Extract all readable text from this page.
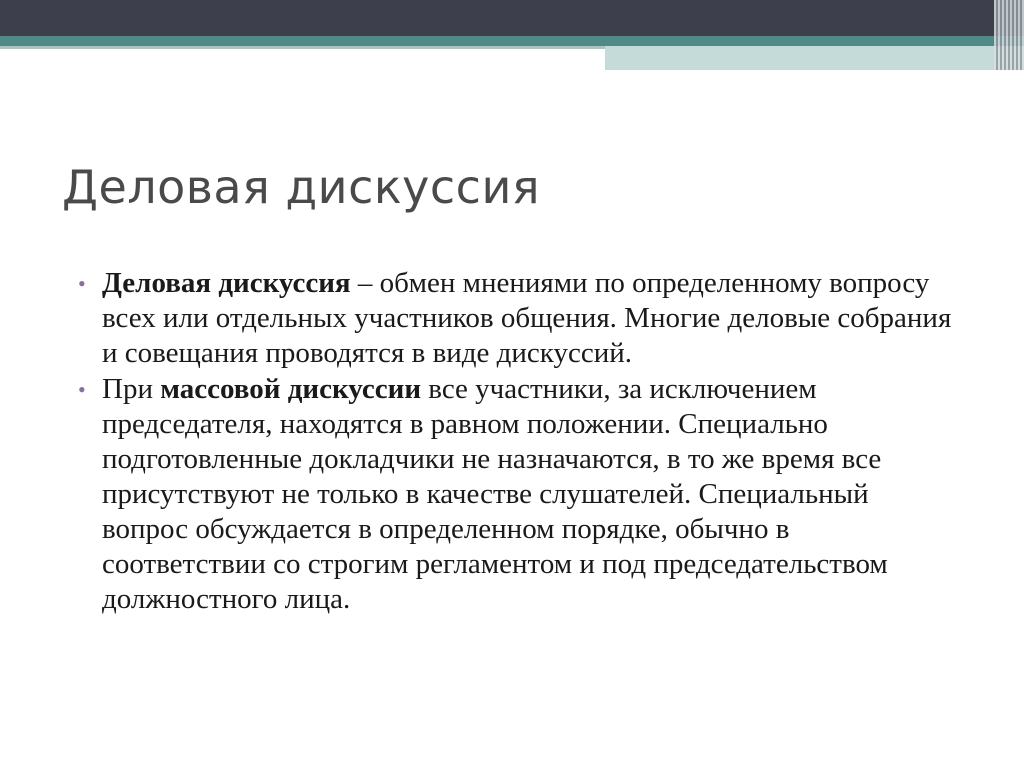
Деловая дискуссия
• Деловая дискуссия – обмен мнениями по определенному вопросу всех или отдельных участников общения. Многие деловые собрания и совещания проводятся в виде дискуссий.
• При массовой дискуссии все участники, за исключением председателя, находятся в равном положении. Специально подготовленные докладчики не назначаются, в то же время все присутствуют не только в качестве слушателей. Специальный вопрос обсуждается в определенном порядке, обычно в соответствии со строгим регламентом и под председательством должностного лица.
